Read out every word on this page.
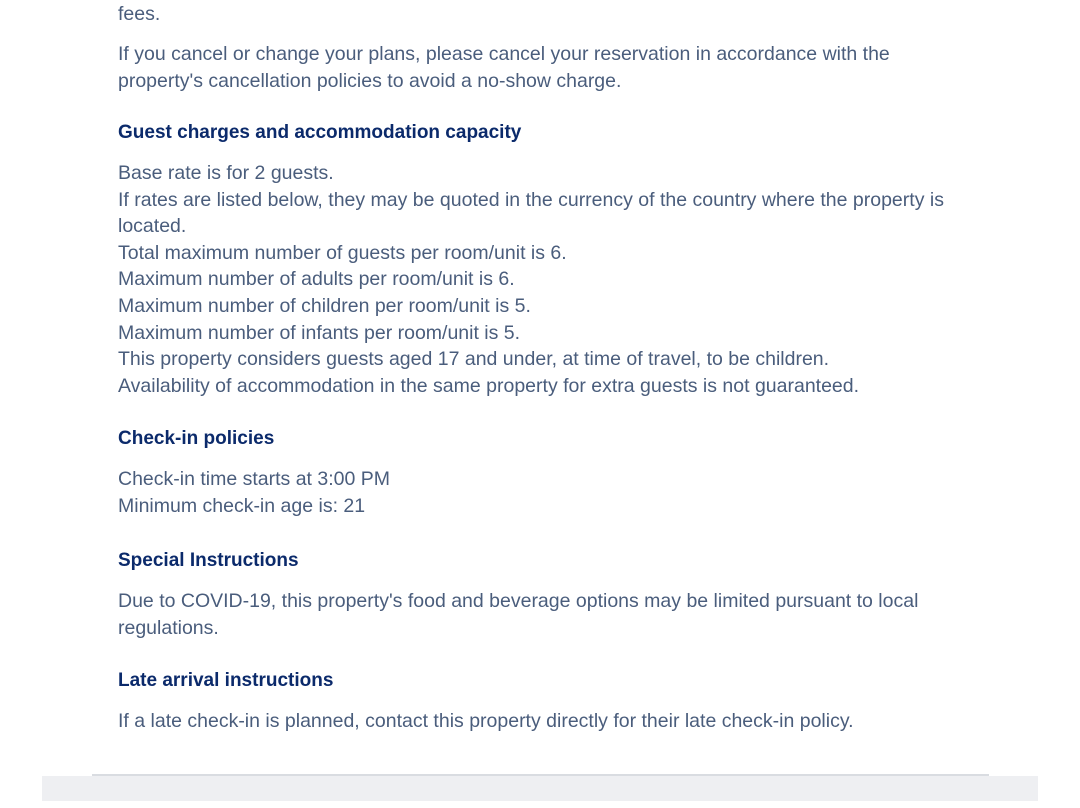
fees.

If you cancel or change your plans, please cancel your reservation in accordance with the
property's cancellation policies to avoid a no-show charge.

Guest charges and accommodation capacity

Base rate is for 2 guests.
If rates are listed below, they may be quoted in the currency of the country where the property is
located.
Total maximum number of guests per room/unit is 6.
Maximum number of adults per room/unit is 6.
Maximum number of children per room/unit is 5.
Maximum number of infants per room/unit is 5.
This property considers guests aged 17 and under, at time of travel, to be children.
Availability of accommodation in the same property for extra guests is not guaranteed.

Check-in policies

Check-in time starts at 3:00 PM
Minimum check-in age is: 21

Special Instructions

Due to COVID-19, this property's food and beverage options may be limited pursuant to local
regulations.

Late arrival instructions

If a late check-in is planned, contact this property directly for their late check-in policy.
